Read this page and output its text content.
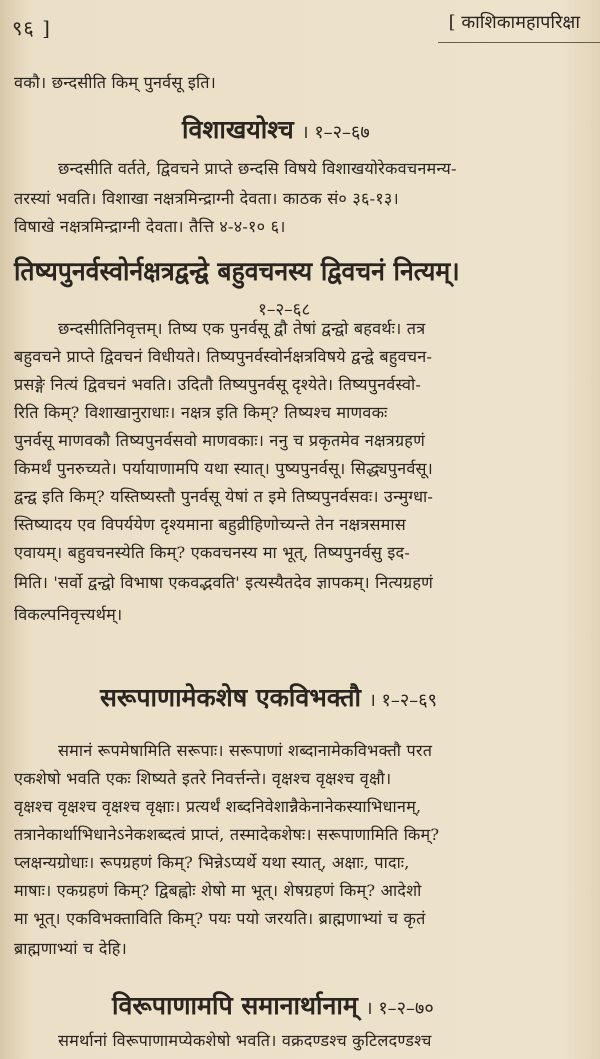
९६ ]	[ काशिकामहापरिक्षा
वकौ। छन्दसीति किम् पुनर्वसू इति।
विशाखयोश्च । १–२–६७
छन्दसीति वर्तते, द्विवचने प्राप्ते छन्दसि विषये विशाखयोरेकवचनमन्य-
तरस्यां भवति। विशाखा नक्षत्रमिन्द्राग्नी देवता। काठक सं० ३६-१३।
विषाखे नक्षत्रमिन्द्राग्नी देवता। तैत्ति ४-४-१० ६।
तिष्यपुनर्वस्वोर्नक्षत्रद्वन्द्वे बहुवचनस्य द्विवचनं नित्यम्।
१–२–६८
छन्दसीतिनिवृत्तम्। तिष्य एक पुनर्वसू द्वौ तेषां द्वन्द्वो बहवर्थः। तत्र
बहुवचने प्राप्ते द्विवचनं विधीयते। तिष्यपुनर्वस्वोर्नक्षत्रविषये द्वन्द्वे बहुवचन-
प्रसङ्गे नित्यं द्विवचनं भवति। उदितौ तिष्यपुनर्वसू दृश्येते। तिष्यपुनर्वस्वो-
रिति किम्? विशाखानुराधाः। नक्षत्र इति किम्? तिष्यश्च माणवकः
पुनर्वसू माणवकौ तिष्यपुनर्वसवो माणवकाः। ननु च प्रकृतमेव नक्षत्रग्रहणं
किमर्थं पुनरुच्यते। पर्यायाणामपि यथा स्यात्। पुष्यपुनर्वसू। सिद्ध्यपुनर्वसू।
द्वन्द्व इति किम्? यस्तिष्यस्तौ पुनर्वसू येषां त इमे तिष्यपुनर्वसवः। उन्मुग्धा-
स्तिष्यादय एव विपर्ययेण दृश्यमाना बहुव्रीहिणोच्यन्ते तेन नक्षत्रसमास
एवायम्। बहुवचनस्येति किम्? एकवचनस्य मा भूत्, तिष्यपुनर्वसु इद-
मिति। 'सर्वो द्वन्द्वो विभाषा एकवद्भवति' इत्यस्यैतदेव ज्ञापकम्। नित्यग्रहणं
विकल्पनिवृत्त्यर्थम्।
सरूपाणामेकशेष एकविभक्तौ । १–२–६९
समानं रूपमेषामिति सरूपाः। सरूपाणां शब्दानामेकविभक्तौ परत
एकशेषो भवति एकः शिष्यते इतरे निवर्त्तन्ते। वृक्षश्च वृक्षश्च वृक्षौ।
वृक्षश्च वृक्षश्च वृक्षश्च वृक्षाः। प्रत्यर्थं शब्दनिवेशान्नैकेनानेकस्याभिधानम्,
तत्रानेकार्थाभिधानेऽनेकशब्दत्वं प्राप्तं, तस्मादेकशेषः। सरूपाणामिति किम्?
प्लक्षन्यग्रोधाः। रूपग्रहणं किम्? भिन्नेऽप्यर्थे यथा स्यात्, अक्षाः, पादाः,
माषाः। एकग्रहणं किम्? द्विबह्वोः शेषो मा भूत्। शेषग्रहणं किम्? आदेशो
मा भूत्। एकविभक्ताविति किम्? पयः पयो जरयति। ब्राह्मणाभ्यां च कृतं
ब्राह्मणाभ्यां च देहि।
विरूपाणामपि समानार्थानाम् । १–२–७०
समर्थानां विरूपाणामप्येकशेषो भवति। वक्रदण्डश्च कुटिलदण्डश्च
